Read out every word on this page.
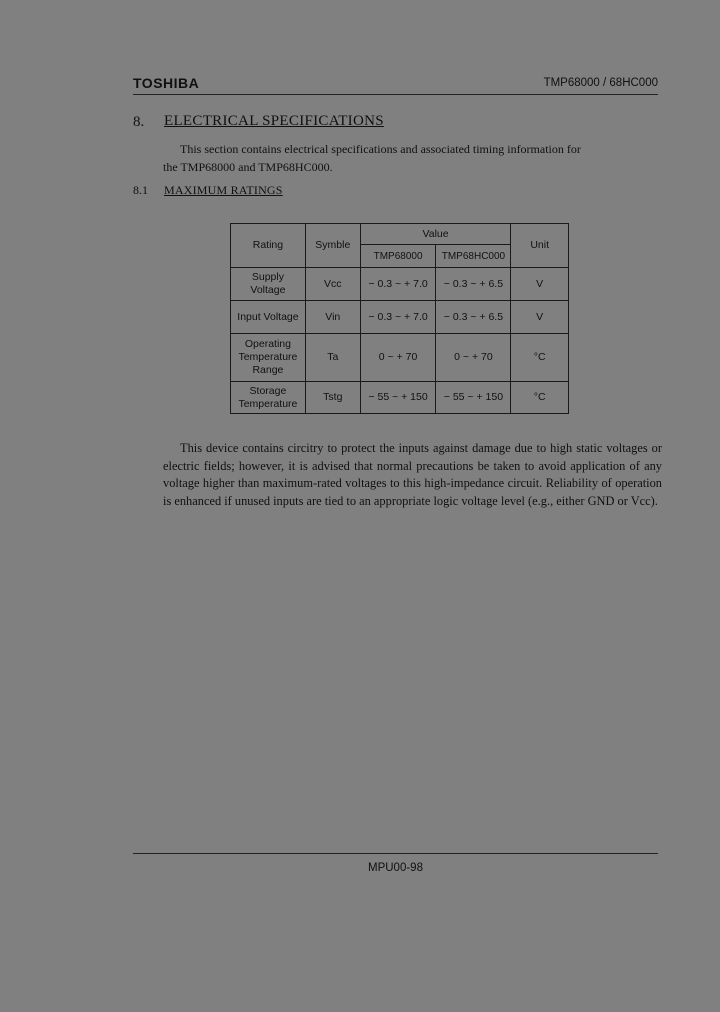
TOSHIBA	TMP68000 / 68HC000
8. ELECTRICAL SPECIFICATIONS
This section contains electrical specifications and associated timing information for
the TMP68000 and TMP68HC000.
8.1 MAXIMUM RATINGS
Rating	Symble	Value		Unit
		TMP68000	TMP68HC000	
Supply Voltage	Vcc	− 0.3 ~ + 7.0	− 0.3 ~ + 6.5	V
Input Voltage	Vin	− 0.3 ~ + 7.0	− 0.3 ~ + 6.5	V
Operating Temperature Range	Ta	0 ~ + 70	0 ~ + 70	°C
Storage Temperature	Tstg	− 55 ~ + 150	− 55 ~ + 150	°C
This device contains circitry to protect the inputs against damage due to high static voltages or electric fields; however, it is advised that normal precautions be taken to avoid application of any voltage higher than maximum-rated voltages to this high-impedance circuit. Reliability of operation is enhanced if unused inputs are tied to an appropriate logic voltage level (e.g., either GND or Vcc).
MPU00-98
